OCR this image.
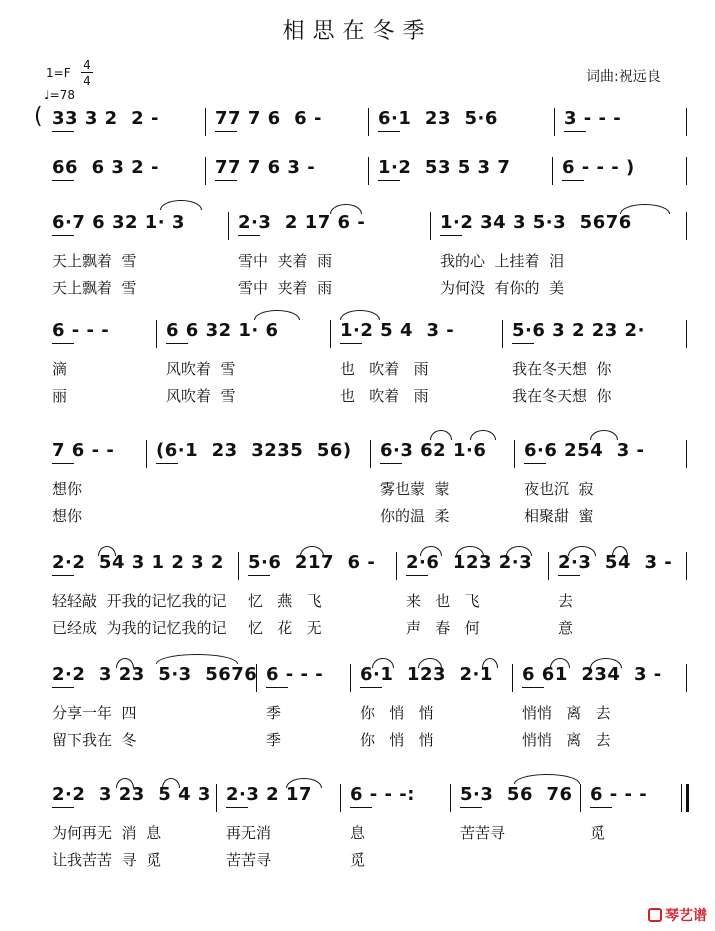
相思在冬季
1=F
4
4
♩=78
词曲:祝远良
( 33 3 2  2 -	77 7 6  6 -	6·1  23  5·6	3 - - -
66  6 3 2 -	77 7 6 3 -	1·2  53 5 3 7	6 - - - )
6·7 6 32 1· 3	2·3  2 17 6 -	1·2 34 3 5·3  5676
天上飘着  雪	雪中  夹着  雨	我的心  上挂着  泪
天上飘着  雪	雪中  夹着  雨	为何没  有你的  美
6 - - -	6 6 32 1· 6	1·2 5 4  3 -	5·6 3 2 23 2·
滴	风吹着  雪	也   吹着   雨	我在冬天想  你
丽	风吹着  雪	也   吹着   雨	我在冬天想  你
7 6 - - (6·1  23  3235  56) 6·3 62 1·6 6·6 254  3 -
想你	雾也蒙  蒙	夜也沉  寂
想你	你的温  柔	相聚甜  蜜
2·2  54 3 1 2 3 2 5·6  217  6 - 2·6  123 2·3 2·3  54  3 -
轻轻敲  开我的记忆我的记 忆   燕   飞	来   也   飞	去
已经成  为我的记忆我的记 忆   花   无	声   春   何	意
2·2  3 23  5·3  5676 6 - - - 6·1  123  2·1 6 61  234  3 -
分享一年  四	季	你   悄   悄	悄悄   离   去
留下我在  冬	季	你   悄   悄	悄悄   离   去
2·2  3 23  5 4 3 2·3 2 17 6 - - -:	5·3  56  76 6 - - -
为何再无  消  息	再无消	息	苦苦寻	觅
让我苦苦  寻  觅	苦苦寻	觅
琴艺谱
